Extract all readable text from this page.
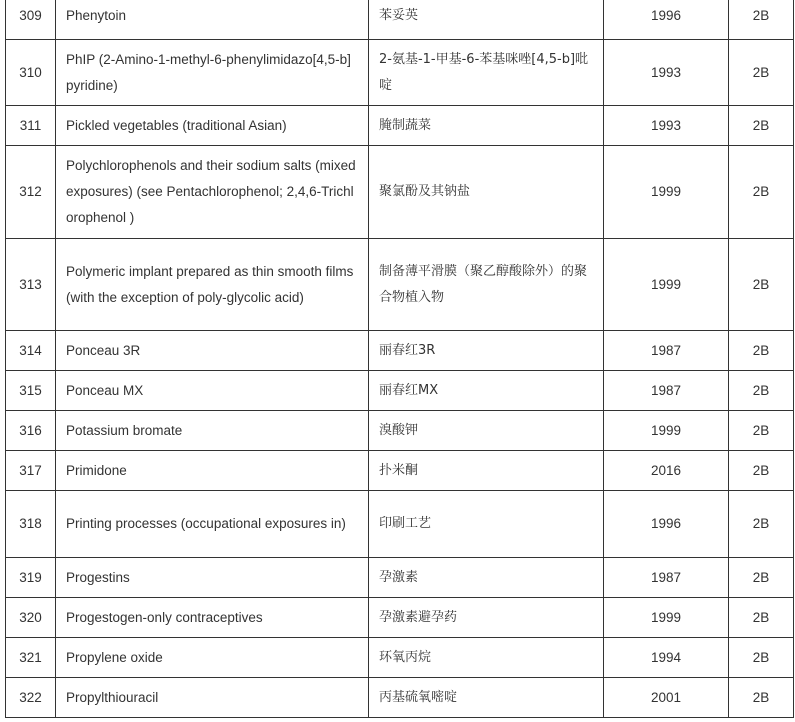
309	Phenytoin	苯妥英	1996	2B
310	PhIP (2-Amino-1-methyl-6-phenylimidazo[4,5-b]pyridine)	2-氨基-1-甲基-6-苯基咪唑[4,5-b]吡啶	1993	2B
311	Pickled vegetables (traditional Asian)	腌制蔬菜	1993	2B
312	Polychlorophenols and their sodium salts (mixed exposures) (see Pentachlorophenol; 2,4,6-Trichlorophenol )	聚氯酚及其钠盐	1999	2B
313	Polymeric implant prepared as thin smooth films (with the exception of poly-glycolic acid)	制备薄平滑膜（聚乙醇酸除外）的聚合物植入物	1999	2B
314	Ponceau 3R	丽春红3R	1987	2B
315	Ponceau MX	丽春红MX	1987	2B
316	Potassium bromate	溴酸钾	1999	2B
317	Primidone	扑米酮	2016	2B
318	Printing processes (occupational exposures in)	印刷工艺	1996	2B
319	Progestins	孕激素	1987	2B
320	Progestogen-only contraceptives	孕激素避孕药	1999	2B
321	Propylene oxide	环氧丙烷	1994	2B
322	Propylthiouracil	丙基硫氧嘧啶	2001	2B
